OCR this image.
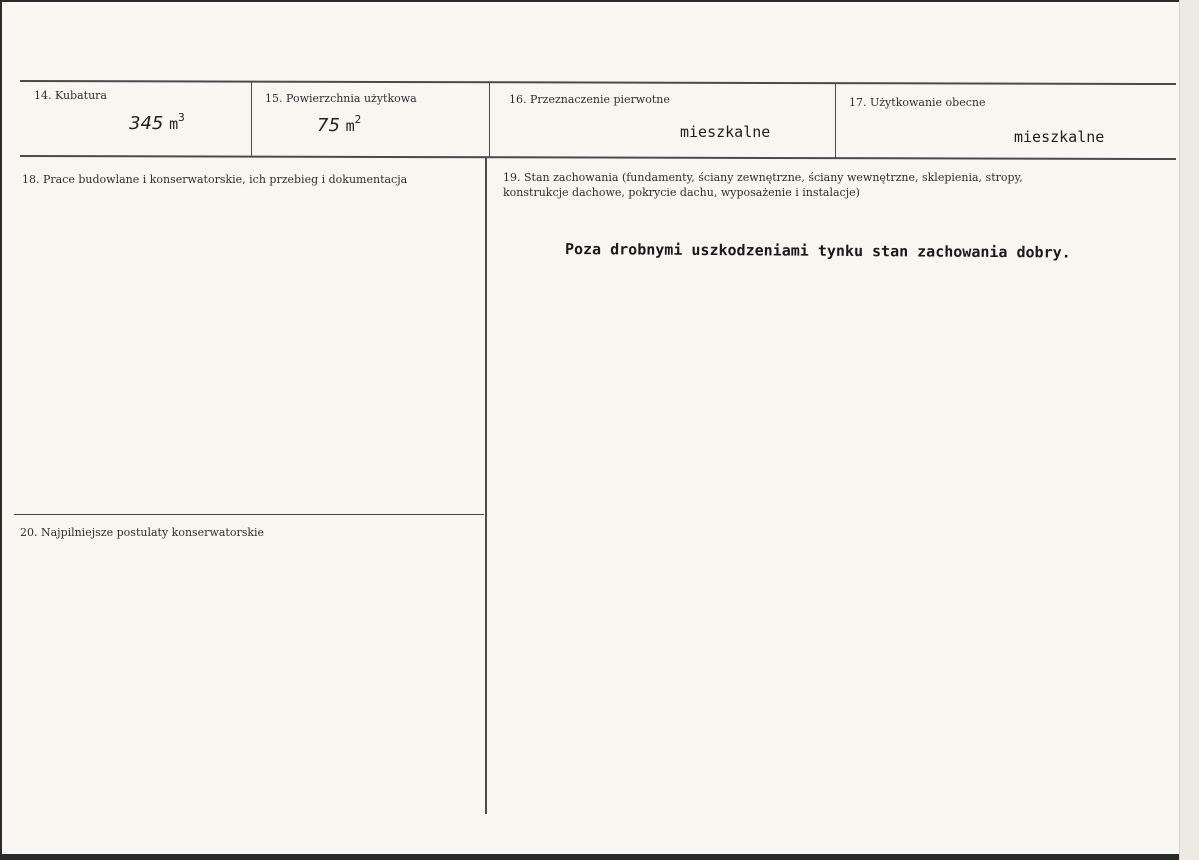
14. Kubatura
345 $m^3$
15. Powierzchnia użytkowa
75 $m^2$
16. Przeznaczenie pierwotne
mieszkalne
17. Użytkowanie obecne
mieszkalne
18. Prace budowlane i konserwatorskie, ich przebieg i dokumentacja	19. Stan zachowania (fundamenty, ściany zewnętrzne, ściany wewnętrzne, sklepienia, stropy, konstrukcje dachowe, pokrycie dachu, wyposażenie i instalacje)
Poza drobnymi uszkodzeniami tynku stan zachowania dobry.
20. Najpilniejsze postulaty konserwatorskie
